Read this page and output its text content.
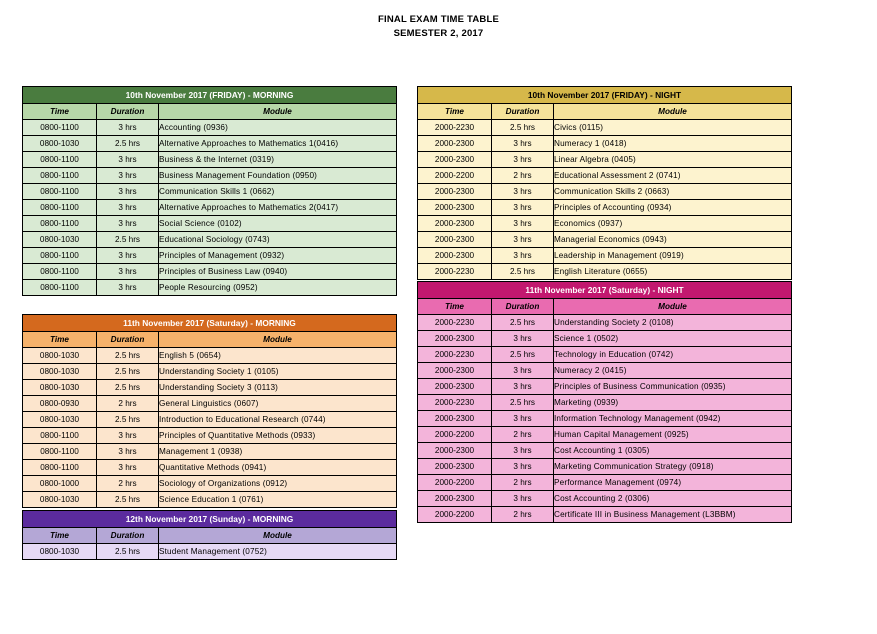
FINAL EXAM TIME TABLE
SEMESTER 2, 2017
10th November 2017 (FRIDAY) - MORNING		
Time	Duration	Module
0800-1100	3 hrs	Accounting (0936)
0800-1030	2.5 hrs	Alternative Approaches to Mathematics 1(0416)
0800-1100	3 hrs	Business & the Internet (0319)
0800-1100	3 hrs	Business Management Foundation (0950)
0800-1100	3 hrs	Communication Skills 1 (0662)
0800-1100	3 hrs	Alternative Approaches to Mathematics 2(0417)
0800-1100	3 hrs	Social Science (0102)
0800-1030	2.5 hrs	Educational Sociology (0743)
0800-1100	3 hrs	Principles of Management (0932)
0800-1100	3 hrs	Principles of Business Law (0940)
0800-1100	3 hrs	People Resourcing (0952)
10th November 2017 (FRIDAY) - NIGHT		
Time	Duration	Module
2000-2230	2.5 hrs	Civics (0115)
2000-2300	3 hrs	Numeracy 1 (0418)
2000-2300	3 hrs	Linear Algebra (0405)
2000-2200	2 hrs	Educational Assessment 2 (0741)
2000-2300	3 hrs	Communication Skills 2 (0663)
2000-2300	3 hrs	Principles of Accounting (0934)
2000-2300	3 hrs	Economics (0937)
2000-2300	3 hrs	Managerial Economics (0943)
2000-2300	3 hrs	Leadership in Management (0919)
2000-2230	2.5 hrs	English Literature (0655)
11th November 2017 (Saturday) - MORNING		
Time	Duration	Module
0800-1030	2.5 hrs	English 5 (0654)
0800-1030	2.5 hrs	Understanding Society 1 (0105)
0800-1030	2.5 hrs	Understanding Society 3 (0113)
0800-0930	2 hrs	General Linguistics (0607)
0800-1030	2.5 hrs	Introduction to Educational Research (0744)
0800-1100	3 hrs	Principles of Quantitative Methods (0933)
0800-1100	3 hrs	Management 1 (0938)
0800-1100	3 hrs	Quantitative Methods (0941)
0800-1000	2 hrs	Sociology of Organizations (0912)
0800-1030	2.5 hrs	Science Education 1 (0761)
11th November 2017 (Saturday) - NIGHT		
Time	Duration	Module
2000-2230	2.5 hrs	Understanding Society 2 (0108)
2000-2300	3 hrs	Science 1 (0502)
2000-2230	2.5 hrs	Technology in Education (0742)
2000-2300	3 hrs	Numeracy 2 (0415)
2000-2300	3 hrs	Principles of Business Communication (0935)
2000-2230	2.5 hrs	Marketing (0939)
2000-2300	3 hrs	Information Technology Management (0942)
2000-2200	2 hrs	Human Capital Management (0925)
2000-2300	3 hrs	Cost Accounting 1 (0305)
2000-2300	3 hrs	Marketing Communication Strategy (0918)
2000-2200	2 hrs	Performance Management (0974)
2000-2300	3 hrs	Cost Accounting 2 (0306)
2000-2200	2 hrs	Certificate III in Business Management (L3BBM)
12th November 2017 (Sunday) - MORNING		
Time	Duration	Module
0800-1030	2.5 hrs	Student Management (0752)
